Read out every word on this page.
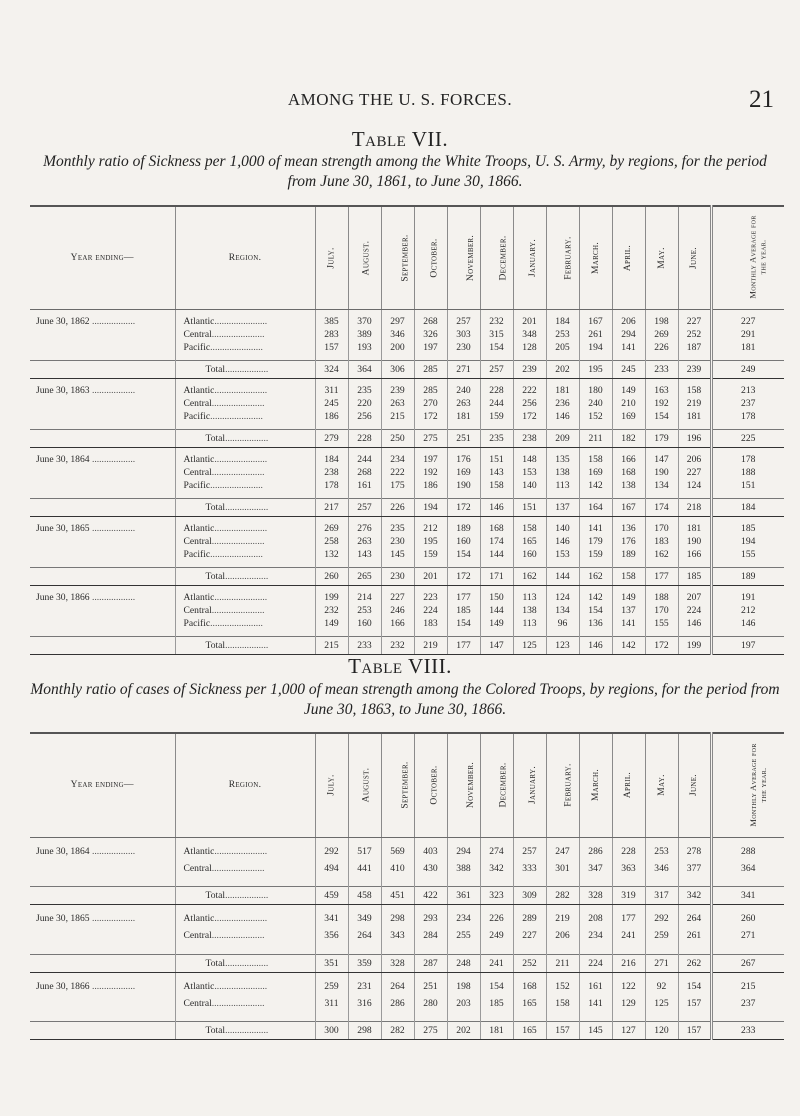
AMONG THE U. S. FORCES.	21
Table VII.
Monthly ratio of Sickness per 1,000 of mean strength among the White Troops, U. S. Army, by regions, for the period from June 30, 1861, to June 30, 1866.
Year ending—	Region.	July.	August.	September.	October.	November.	December.	January.	February.	March.	April.	May.	June.	Monthly Average for the year.

June 30, 1862 ..................	Atlantic......................	385	370	297	268	257	232	201	184	167	206	198	227	227
	Central......................	283	389	346	326	303	315	348	253	261	294	269	252	291
	Pacific......................	157	193	200	197	230	154	128	205	194	141	226	187	181

	Total..................	324	364	306	285	271	257	239	202	195	245	233	239	249

June 30, 1863 ..................	Atlantic......................	311	235	239	285	240	228	222	181	180	149	163	158	213
	Central......................	245	220	263	270	263	244	256	236	240	210	192	219	237
	Pacific......................	186	256	215	172	181	159	172	146	152	169	154	181	178

	Total..................	279	228	250	275	251	235	238	209	211	182	179	196	225

June 30, 1864 ..................	Atlantic......................	184	244	234	197	176	151	148	135	158	166	147	206	178
	Central......................	238	268	222	192	169	143	153	138	169	168	190	227	188
	Pacific......................	178	161	175	186	190	158	140	113	142	138	134	124	151

	Total..................	217	257	226	194	172	146	151	137	164	167	174	218	184

June 30, 1865 ..................	Atlantic......................	269	276	235	212	189	168	158	140	141	136	170	181	185
	Central......................	258	263	230	195	160	174	165	146	179	176	183	190	194
	Pacific......................	132	143	145	159	154	144	160	153	159	189	162	166	155

	Total..................	260	265	230	201	172	171	162	144	162	158	177	185	189

June 30, 1866 ..................	Atlantic......................	199	214	227	223	177	150	113	124	142	149	188	207	191
	Central......................	232	253	246	224	185	144	138	134	154	137	170	224	212
	Pacific......................	149	160	166	183	154	149	113	96	136	141	155	146	146

	Total..................	215	233	232	219	177	147	125	123	146	142	172	199	197
Table VIII.
Monthly ratio of cases of Sickness per 1,000 of mean strength among the Colored Troops, by regions, for the period from June 30, 1863, to June 30, 1866.
Year ending—	Region.	July.	August.	September.	October.	November.	December.	January.	February.	March.	April.	May.	June.	Monthly Average for the year.

June 30, 1864 ..................	Atlantic......................	292	517	569	403	294	274	257	247	286	228	253	278	288
	Central......................	494	441	410	430	388	342	333	301	347	363	346	377	364

	Total..................	459	458	451	422	361	323	309	282	328	319	317	342	341

June 30, 1865 ..................	Atlantic......................	341	349	298	293	234	226	289	219	208	177	292	264	260
	Central......................	356	264	343	284	255	249	227	206	234	241	259	261	271

	Total..................	351	359	328	287	248	241	252	211	224	216	271	262	267

June 30, 1866 ..................	Atlantic......................	259	231	264	251	198	154	168	152	161	122	92	154	215
	Central......................	311	316	286	280	203	185	165	158	141	129	125	157	237

	Total..................	300	298	282	275	202	181	165	157	145	127	120	157	233
